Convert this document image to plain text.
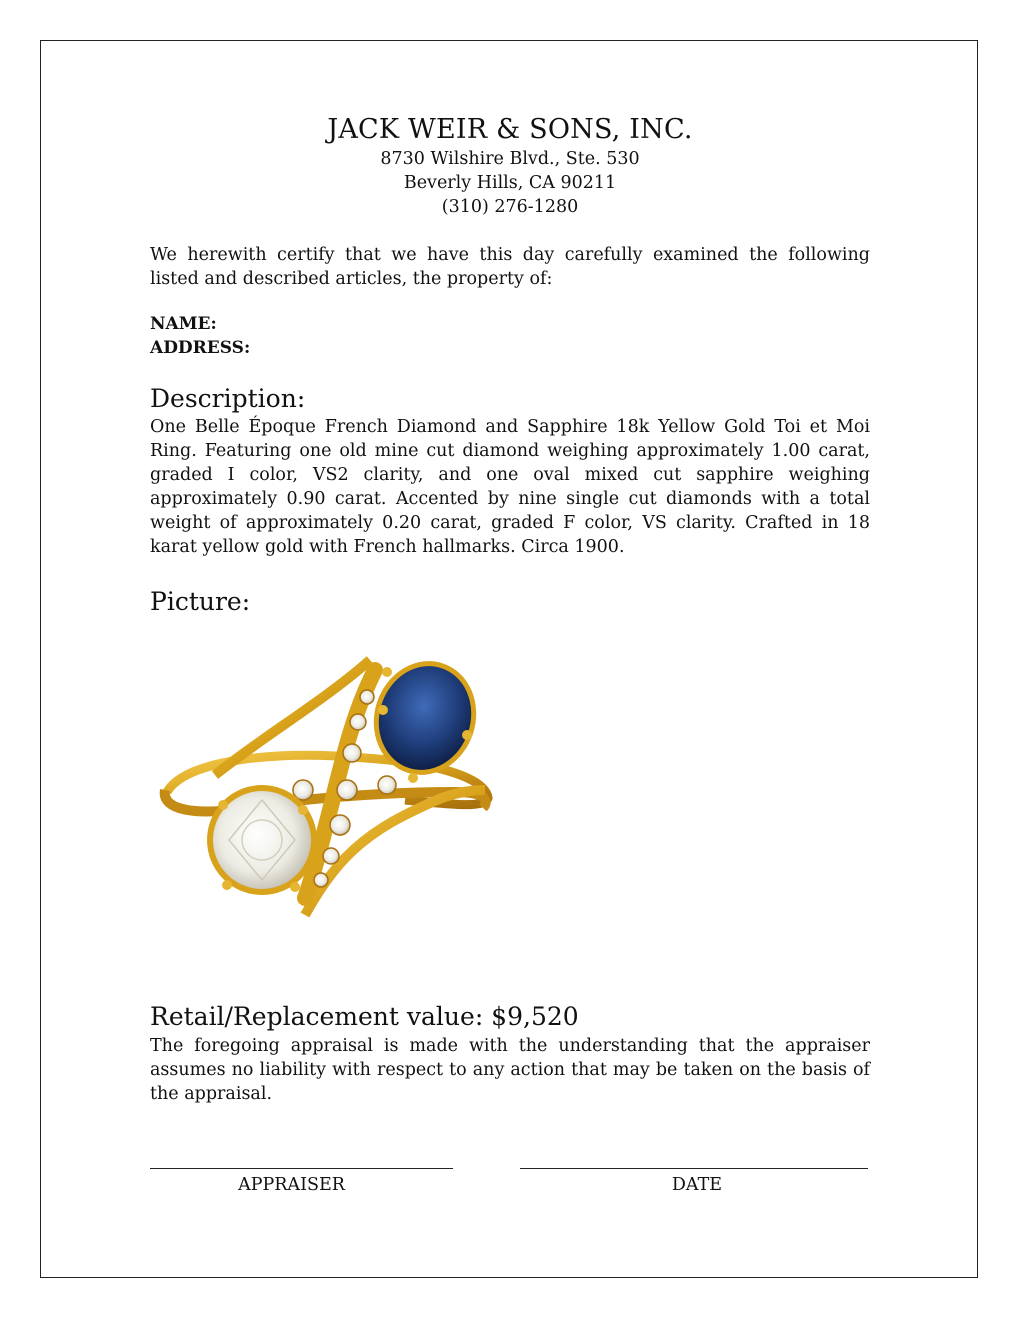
JACK WEIR & SONS, INC.
8730 Wilshire Blvd., Ste. 530
Beverly Hills, CA 90211
(310) 276-1280
We herewith certify that we have this day carefully examined the following listed and described articles, the property of:
NAME:
ADDRESS:
Description:
One Belle Époque French Diamond and Sapphire 18k Yellow Gold Toi et Moi Ring. Featuring one old mine cut diamond weighing approximately 1.00 carat, graded I color, VS2 clarity, and one oval mixed cut sapphire weighing approximately 0.90 carat. Accented by nine single cut diamonds with a total weight of approximately 0.20 carat, graded F color, VS clarity. Crafted in 18 karat yellow gold with French hallmarks. Circa 1900.
Picture:
Retail/Replacement value: $9,520
The foregoing appraisal is made with the understanding that the appraiser assumes no liability with respect to any action that may be taken on the basis of the appraisal.
APPRAISER	DATE
